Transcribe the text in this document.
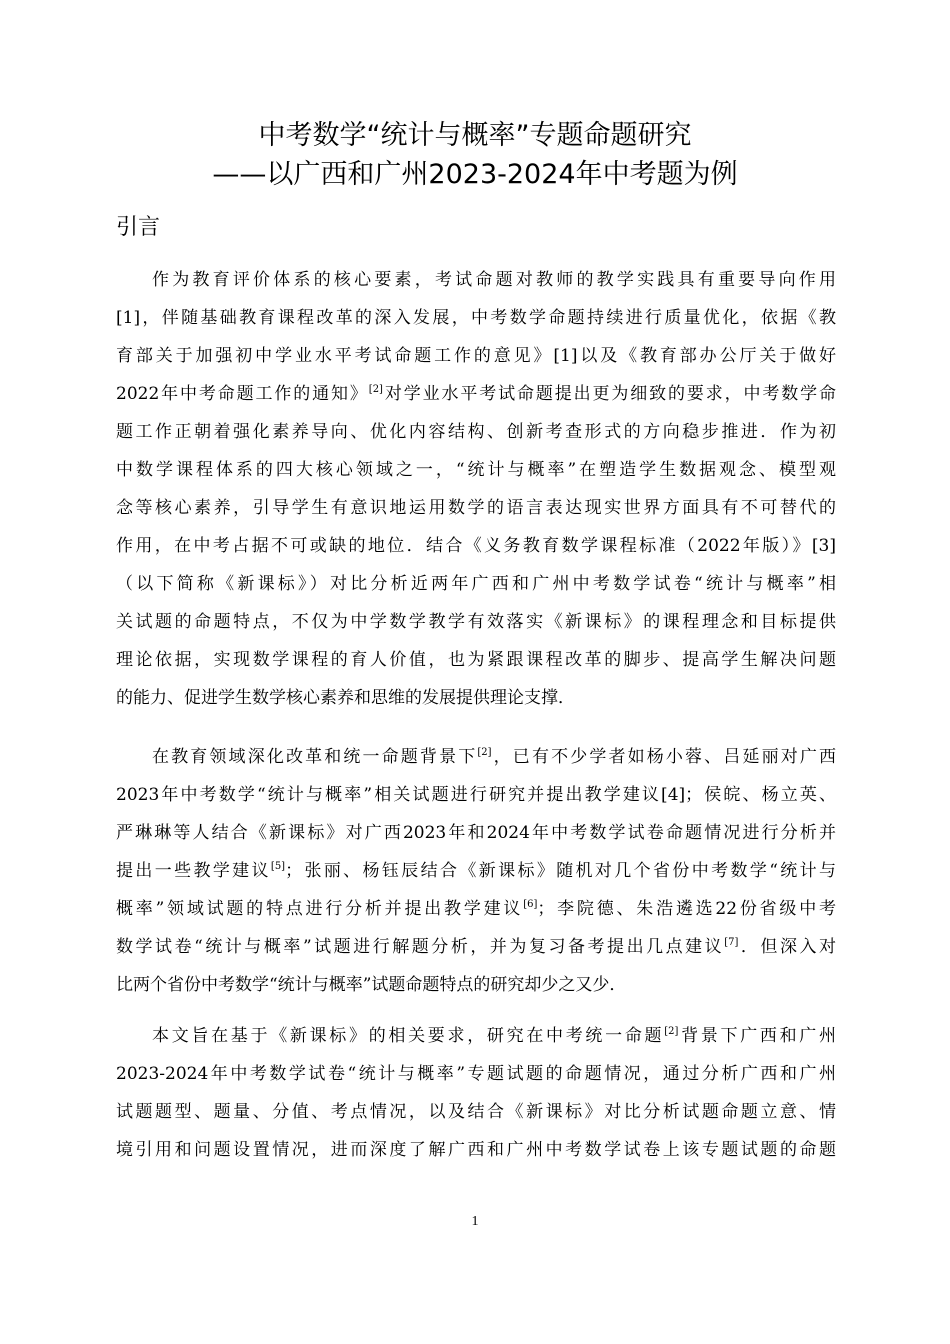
中考数学“统计与概率”专题命题研究
——以广西和广州2023-2024年中考题为例
引言
作为教育评价体系的核心要素，考试命题对教师的教学实践具有重要导向作用
[1]，伴随基础教育课程改革的深入发展，中考数学命题持续进行质量优化，依据《教
育部关于加强初中学业水平考试命题工作的意见》[1]以及《教育部办公厅关于做好
2022年中考命题工作的通知》[2]对学业水平考试命题提出更为细致的要求，中考数学命
题工作正朝着强化素养导向、优化内容结构、创新考查形式的方向稳步推进．作为初
中数学课程体系的四大核心领域之一，“统计与概率”在塑造学生数据观念、模型观
念等核心素养，引导学生有意识地运用数学的语言表达现实世界方面具有不可替代的
作用，在中考占据不可或缺的地位．结合《义务教育数学课程标准（2022年版）》[3]
（以下简称《新课标》）对比分析近两年广西和广州中考数学试卷“统计与概率”相
关试题的命题特点，不仅为中学数学教学有效落实《新课标》的课程理念和目标提供
理论依据，实现数学课程的育人价值，也为紧跟课程改革的脚步、提高学生解决问题
的能力、促进学生数学核心素养和思维的发展提供理论支撑．
在教育领域深化改革和统一命题背景下[2]，已有不少学者如杨小蓉、吕延丽对广西
2023年中考数学“统计与概率”相关试题进行研究并提出教学建议[4]；侯皖、杨立英、
严琳琳等人结合《新课标》对广西2023年和2024年中考数学试卷命题情况进行分析并
提出一些教学建议[5]；张丽、杨钰辰结合《新课标》随机对几个省份中考数学“统计与
概率”领域试题的特点进行分析并提出教学建议[6]；李院德、朱浩遴选22份省级中考
数学试卷“统计与概率”试题进行解题分析，并为复习备考提出几点建议[7]．但深入对
比两个省份中考数学“统计与概率”试题命题特点的研究却少之又少．
本文旨在基于《新课标》的相关要求，研究在中考统一命题[2]背景下广西和广州
2023-2024年中考数学试卷“统计与概率”专题试题的命题情况，通过分析广西和广州
试题题型、题量、分值、考点情况，以及结合《新课标》对比分析试题命题立意、情
境引用和问题设置情况，进而深度了解广西和广州中考数学试卷上该专题试题的命题
1
